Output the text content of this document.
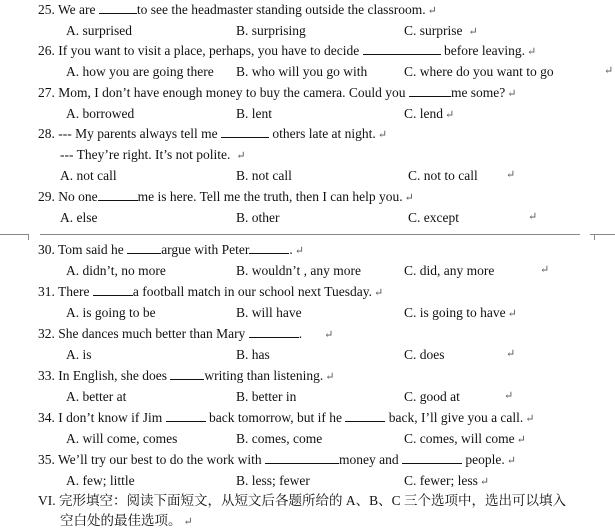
25. We are	to see the headmaster standing outside the classroom. ↵
A. surprised	B. surprising	C. surprise ↵
26. If you want to visit a place, perhaps, you have to decide	before leaving. ↵
A. how you are going there B. who will you go with	C. where do you want to go	↵
27. Mom, I don’t have enough money to buy the camera. Could you	me some? ↵
A. borrowed	B. lent	C. lend ↵
28. --- My parents always tell me	others late at night. ↵
--- They’re right. It’s not polite. ↵
A. not call	B. not call	C. not to call	↵
29. No one	me is here. Tell me the truth, then I can help you. ↵
A. else	B. other	C. except	↵
30. Tom said he	argue with Peter	. ↵
A. didn’t, no more	B. wouldn’t , any more	C. did, any more	↵
31. There	a football match in our school next Tuesday. ↵
A. is going to be	B. will have	C. is going to have ↵
32. She dances much better than Mary	. ↵
A. is	B. has	C. does	↵
33. In English, she does	writing than listening. ↵
A. better at	B. better in	C. good at	↵
34. I don’t know if Jim	back tomorrow, but if he	back, I’ll give you a call. ↵
A. will come, comes	B. comes, come	C. comes, will come ↵
35. We’ll try our best to do the work with	money and	people. ↵
A. few; little	B. less; fewer	C. fewer; less ↵
VI. 完形填空：阅读下面短文，从短文后各题所给的 A、B、C 三个选项中，选出可以填入
空白处的最佳选项。 ↵
